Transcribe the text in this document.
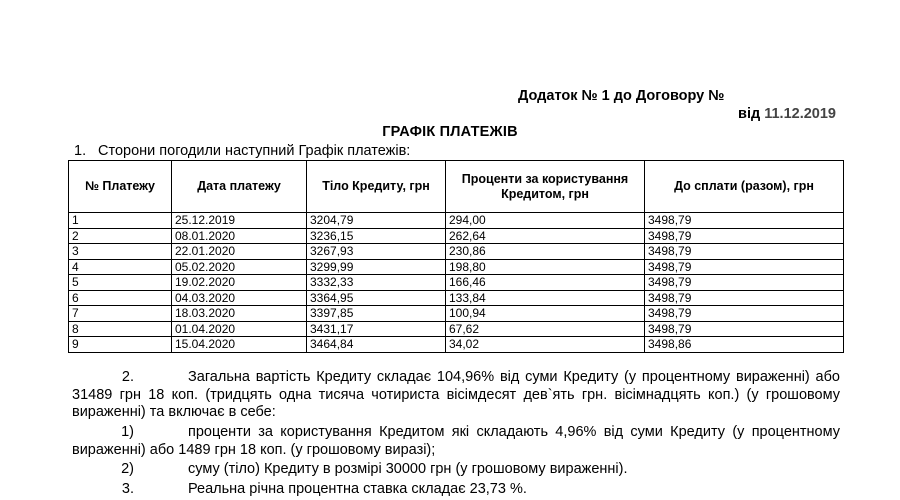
Додаток № 1 до Договору №
від 11.12.2019
ГРАФІК ПЛАТЕЖІВ
1. Сторони погодили наступний Графік платежів:
№ Платежу	Дата платежу	Тіло Кредиту, грн	Проценти за користування Кредитом, грн	До сплати (разом), грн
1	25.12.2019	3204,79	294,00	3498,79
2	08.01.2020	3236,15	262,64	3498,79
3	22.01.2020	3267,93	230,86	3498,79
4	05.02.2020	3299,99	198,80	3498,79
5	19.02.2020	3332,33	166,46	3498,79
6	04.03.2020	3364,95	133,84	3498,79
7	18.03.2020	3397,85	100,94	3498,79
8	01.04.2020	3431,17	67,62	3498,79
9	15.04.2020	3464,84	34,02	3498,86
2.	Загальна вартість Кредиту складає 104,96% від суми Кредиту (у процентному вираженні) або 31489 грн 18 коп. (тридцять одна тисяча чотириста вісімдесят дев`ять грн. вісімнадцять коп.) (у грошовому вираженні) та включає в себе:
1)	проценти за користування Кредитом які складають 4,96% від суми Кредиту (у процентному вираженні) або 1489 грн 18 коп. (у грошовому виразі);
2)	суму (тіло) Кредиту в розмірі 30000 грн (у грошовому вираженні).
3.	Реальна річна процентна ставка складає 23,73 %.
